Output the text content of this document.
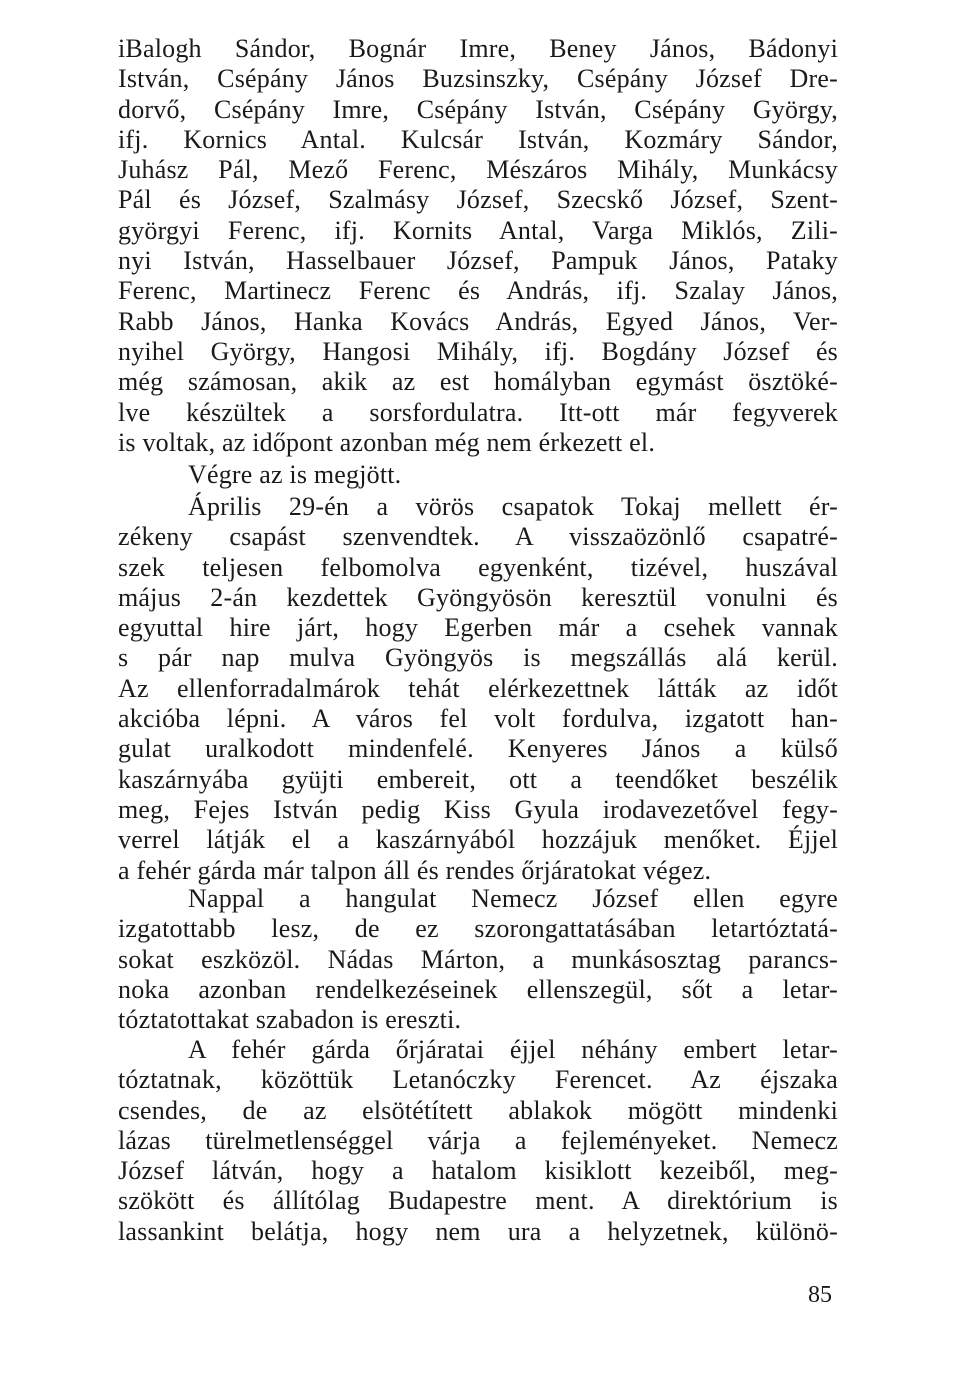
iBalogh Sándor, Bognár Imre, Beney János, Bádonyi
István, Csépány János Buzsinszky, Csépány József Dre-
dorvő, Csépány Imre, Csépány István, Csépány György,
ifj. Kornics Antal. Kulcsár István, Kozmáry Sándor,
Juhász Pál, Mező Ferenc, Mészáros Mihály, Munkácsy
Pál és József, Szalmásy József, Szecskő József, Szent-
györgyi Ferenc, ifj. Kornits Antal, Varga Miklós, Zili-
nyi István, Hasselbauer József, Pampuk János, Pataky
Ferenc, Martinecz Ferenc és András, ifj. Szalay János,
Rabb János, Hanka Kovács András, Egyed János, Ver-
nyihel György, Hangosi Mihály, ifj. Bogdány József és
még számosan, akik az est homályban egymást ösztöké-
lve készültek a sorsfordulatra. Itt-ott már fegyverek
is voltak, az időpont azonban még nem érkezett el.
Végre az is megjött.
Április 29-én a vörös csapatok Tokaj mellett ér-
zékeny csapást szenvendtek. A visszaözönlő csapatré-
szek teljesen felbomolva egyenként, tizével, huszával
május 2-án kezdettek Gyöngyösön keresztül vonulni és
egyuttal hire járt, hogy Egerben már a csehek vannak
s pár nap mulva Gyöngyös is megszállás alá kerül.
Az ellenforradalmárok tehát elérkezettnek látták az időt
akcióba lépni. A város fel volt fordulva, izgatott han-
gulat uralkodott mindenfelé. Kenyeres János a külső
kaszárnyába gyüjti embereit, ott a teendőket beszélik
meg, Fejes István pedig Kiss Gyula irodavezetővel fegy-
verrel látják el a kaszárnyából hozzájuk menőket. Éjjel
a fehér gárda már talpon áll és rendes őrjáratokat végez.
Nappal a hangulat Nemecz József ellen egyre
izgatottabb lesz, de ez szorongattatásában letartóztatá-
sokat eszközöl. Nádas Márton, a munkásosztag parancs-
noka azonban rendelkezéseinek ellenszegül, sőt a letar-
tóztatottakat szabadon is ereszti.
A fehér gárda őrjáratai éjjel néhány embert letar-
tóztatnak, közöttük Letanóczky Ferencet. Az éjszaka
csendes, de az elsötétített ablakok mögött mindenki
lázas türelmetlenséggel várja a fejleményeket. Nemecz
József látván, hogy a hatalom kisiklott kezeiből, meg-
szökött és állítólag Budapestre ment. A direktórium is
lassankint belátja, hogy nem ura a helyzetnek, különö-
85
